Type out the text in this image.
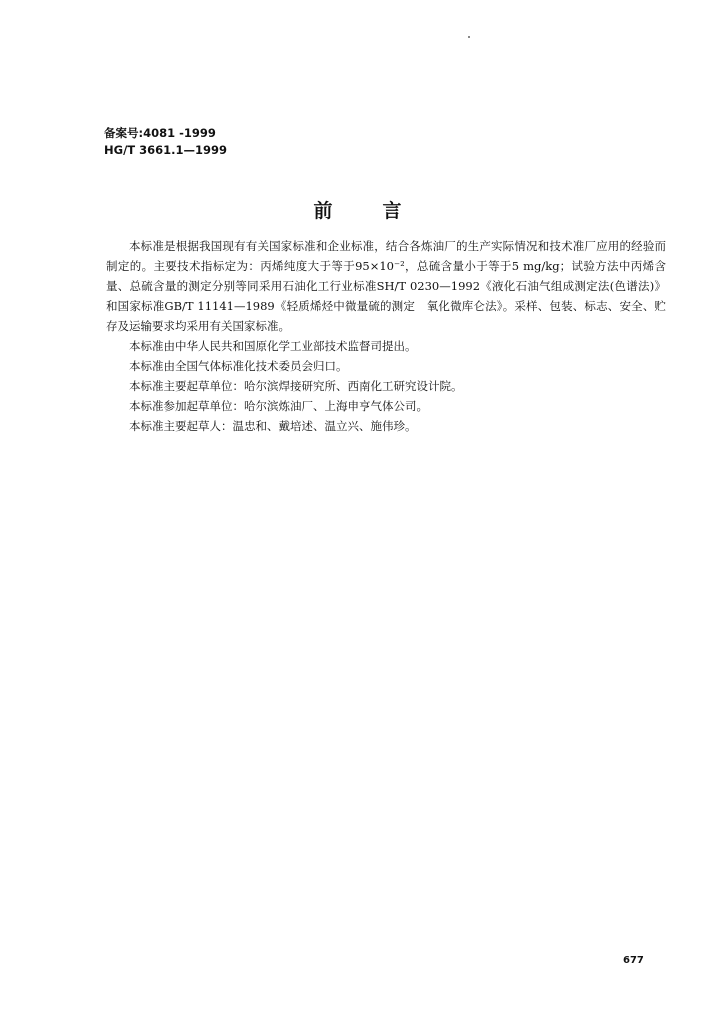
备案号:4081 -1999
HG/T 3661.1—1999
前言

本标准是根据我国现有有关国家标准和企业标准，结合各炼油厂的生产实际情况和技术准厂应用的经验而制定的。主要技术指标定为：丙烯纯度大于等于95×10⁻²，总硫含量小于等于5 mg/kg；试验方法中丙烯含量、总硫含量的测定分别等同采用石油化工行业标准SH/T 0230—1992《液化石油气组成测定法(色谱法)》和国家标准GB/T 11141—1989《轻质烯烃中微量硫的测定　氧化微库仑法》。采样、包装、标志、安全、贮存及运输要求均采用有关国家标准。

本标准由中华人民共和国原化学工业部技术监督司提出。

本标准由全国气体标准化技术委员会归口。

本标准主要起草单位：哈尔滨焊接研究所、西南化工研究设计院。

本标准参加起草单位：哈尔滨炼油厂、上海申亨气体公司。

本标准主要起草人：温忠和、戴培述、温立兴、施伟珍。

677
